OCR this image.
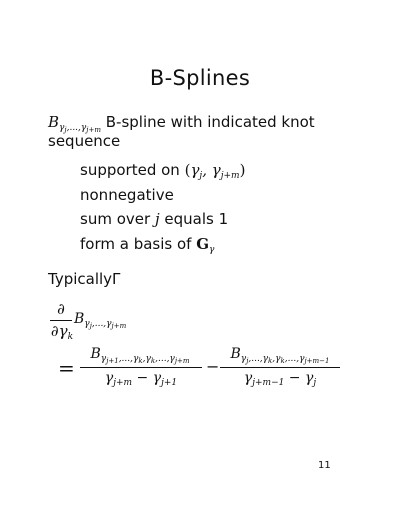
B-Splines
$B_{\gamma_j,...,\gamma_{j+m}}$ B-spline with indicated knot
sequence
supported on ($\gamma_j$, $\gamma_{j+m}$)
nonnegative
sum over j equals 1
form a basis of $G_\gamma$
TypicallyΓ
∂
$\partial\gamma_k$
$B_{\gamma_j,...,\gamma_{j+m}}$
=
$B_{\gamma_{j+1},...,\gamma_k,\gamma_k,...,\gamma_{j+m}}$
$\gamma_{j+m} - \gamma_{j+1}$
−
$B_{\gamma_j,...,\gamma_k,\gamma_k,...,\gamma_{j+m-1}}$
$\gamma_{j+m-1} - \gamma_j$
11
